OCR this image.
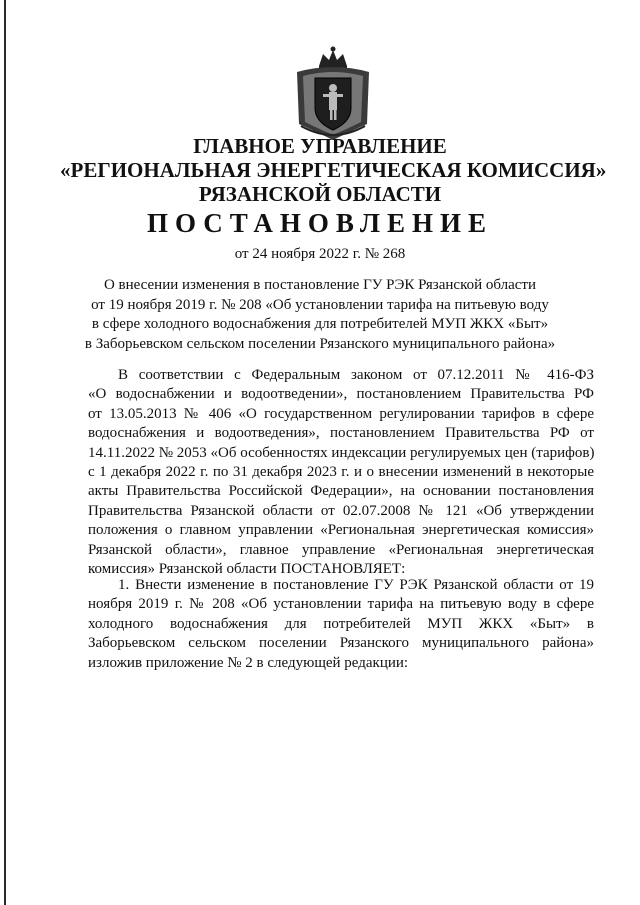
ГЛАВНОЕ УПРАВЛЕНИЕ
«РЕГИОНАЛЬНАЯ ЭНЕРГЕТИЧЕСКАЯ КОМИССИЯ»
РЯЗАНСКОЙ ОБЛАСТИ
ПОСТАНОВЛЕНИЕ
от 24 ноября 2022 г. № 268
О внесении изменения в постановление ГУ РЭК Рязанской области
от 19 ноября 2019 г. № 208 «Об установлении тарифа на питьевую воду
в сфере холодного водоснабжения для потребителей МУП ЖКХ «Быт»
в Заборьевском сельском поселении Рязанского муниципального района»
В соответствии с Федеральным законом от 07.12.2011 № 416-ФЗ
«О водоснабжении и водоотведении», постановлением Правительства РФ
от 13.05.2013 № 406 «О государственном регулировании тарифов в сфере
водоснабжения и водоотведения», постановлением Правительства РФ от
14.11.2022 № 2053 «Об особенностях индексации регулируемых цен (тарифов)
с 1 декабря 2022 г. по 31 декабря 2023 г. и о внесении изменений в некоторые
акты Правительства Российской Федерации», на основании постановления
Правительства Рязанской области от 02.07.2008 № 121 «Об утверждении
положения о главном управлении «Региональная энергетическая комиссия»
Рязанской области», главное управление «Региональная энергетическая
комиссия» Рязанской области ПОСТАНОВЛЯЕТ:
1. Внести изменение в постановление ГУ РЭК Рязанской области от 19
ноября 2019 г. № 208 «Об установлении тарифа на питьевую воду в сфере
холодного водоснабжения для потребителей МУП ЖКХ «Быт» в
Заборьевском сельском поселении Рязанского муниципального района»
изложив приложение № 2 в следующей редакции:
